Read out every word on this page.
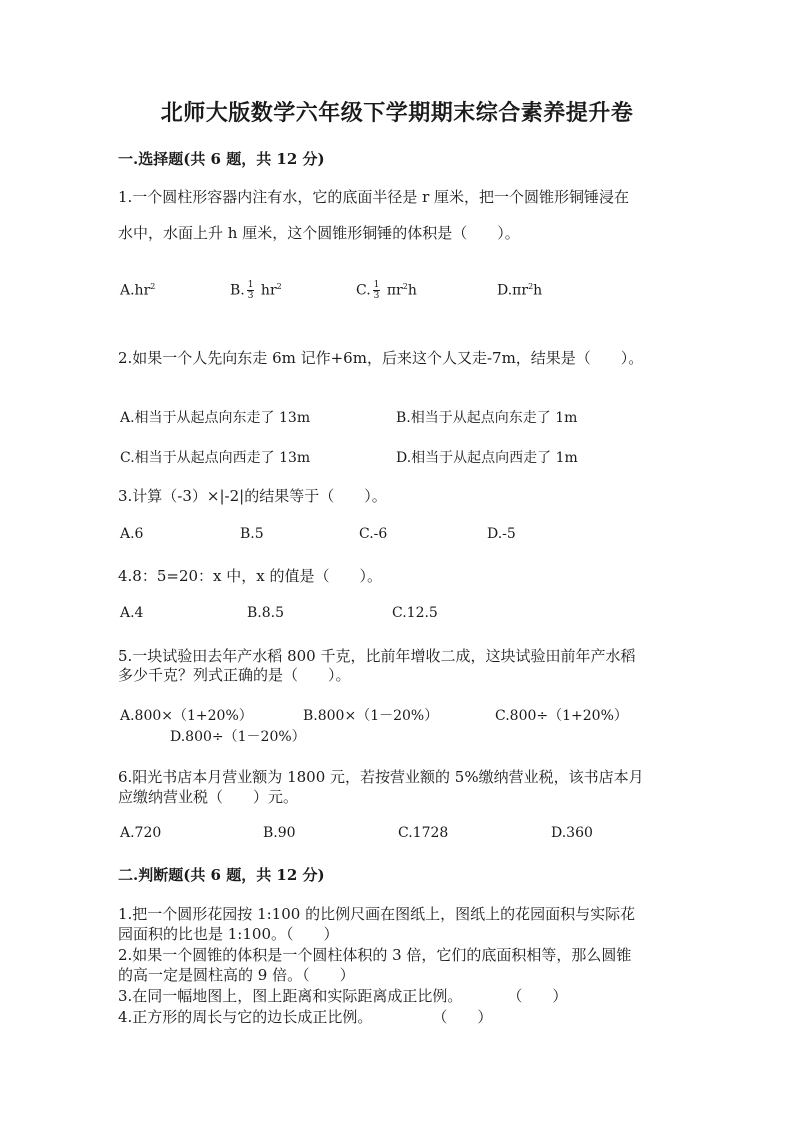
北师大版数学六年级下学期期末综合素养提升卷
一.选择题(共 6 题，共 12 分)
1.一个圆柱形容器内注有水，它的底面半径是 r 厘米，把一个圆锥形铜锤浸在
水中，水面上升 h 厘米，这个圆锥形铜锤的体积是（　　）。
$A.hr^2$	B. $\frac{1}{3} hr^2$	C. $\frac{1}{3} \pi r^2h$	$D.\pi r^2h$
2.如果一个人先向东走 6m 记作+6m，后来这个人又走-7m，结果是（　　）。
A.相当于从起点向东走了 13m	B.相当于从起点向东走了 1m
C.相当于从起点向西走了 13m	D.相当于从起点向西走了 1m
3.计算（-3）×|-2|的结果等于（　　）。
A.6	B.5	C.-6	D.-5
4.8：5=20：x 中，x 的值是（　　）。
A.4	B.8.5	C.12.5
5.一块试验田去年产水稻 800 千克，比前年增收二成，这块试验田前年产水稻
多少千克？列式正确的是（　　）。
A.800×（1+20%）	B.800×（1－20%）	C.800÷（1+20%）
D.800÷（1－20%）
6.阳光书店本月营业额为 1800 元，若按营业额的 5%缴纳营业税，该书店本月
应缴纳营业税（　　）元。
A.720	B.90	C.1728	D.360
二.判断题(共 6 题，共 12 分)
1.把一个圆形花园按 1:100 的比例尺画在图纸上，图纸上的花园面积与实际花
园面积的比也是 1:100。（　　）
2.如果一个圆锥的体积是一个圆柱体积的 3 倍，它们的底面积相等，那么圆锥
的高一定是圆柱高的 9 倍。（　　）
3.在同一幅地图上，图上距离和实际距离成正比例。　　　　（　　）
4.正方形的周长与它的边长成正比例。　　　　　（　　）
